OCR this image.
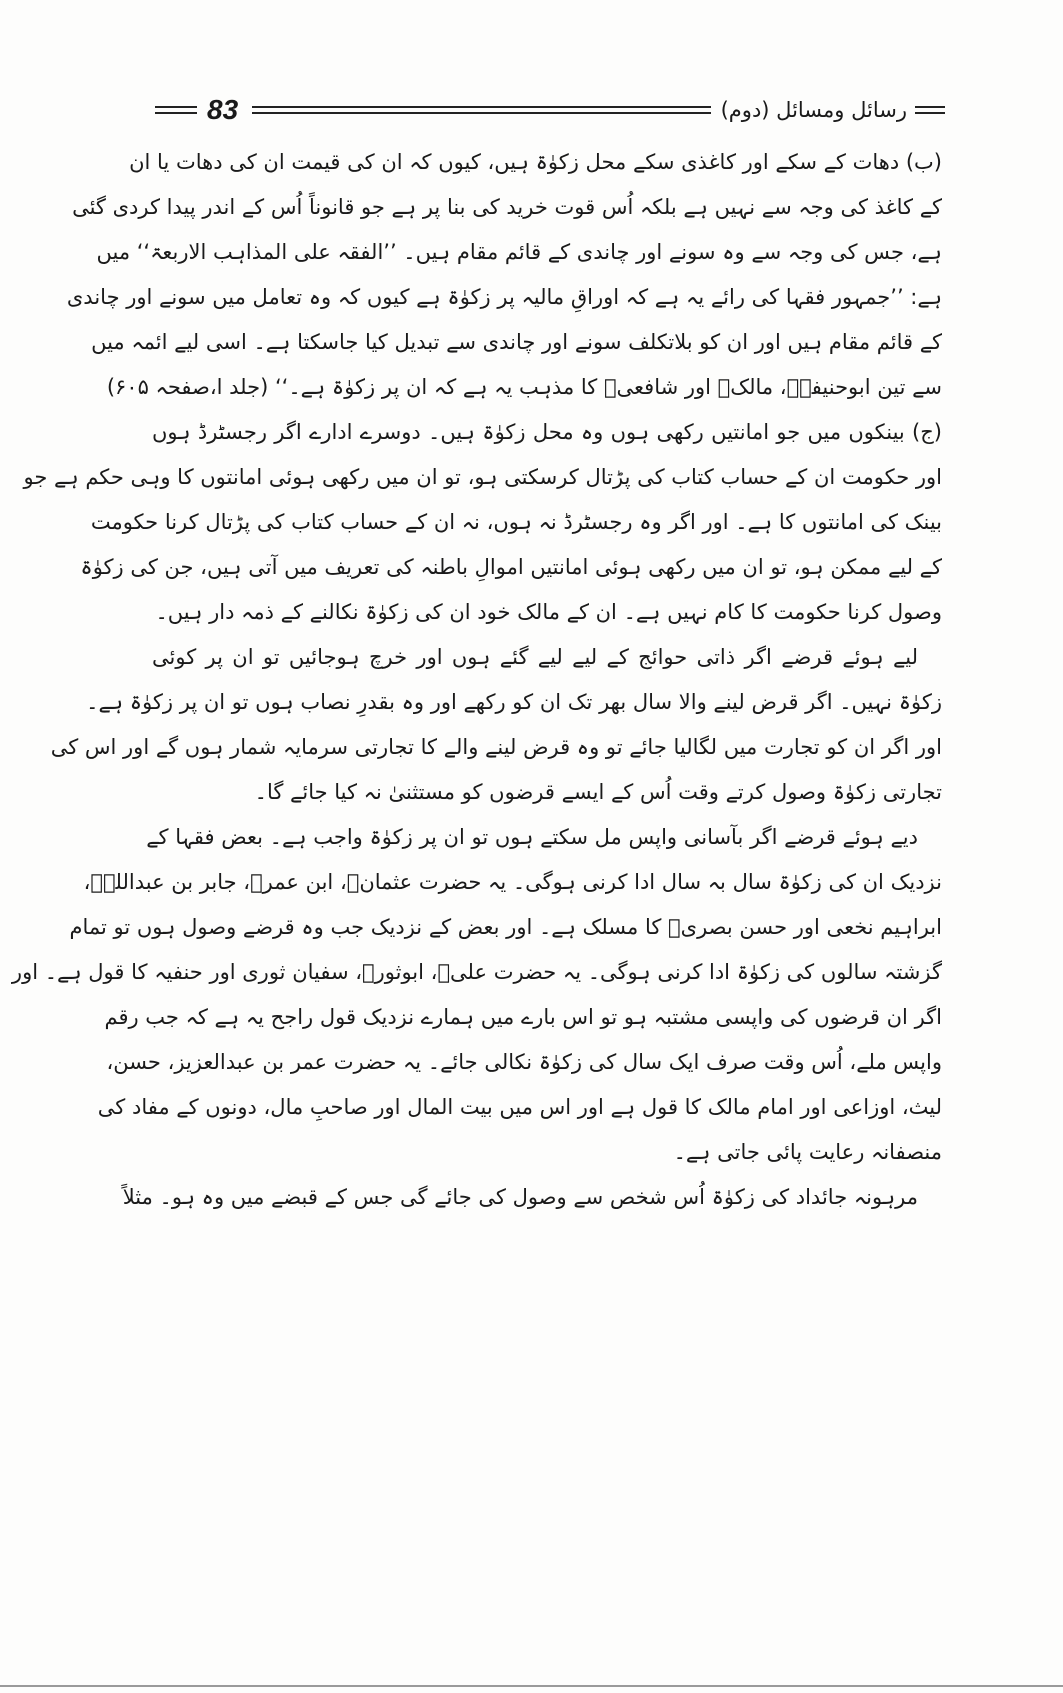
83	رسائل ومسائل (دوم)
(ب) دھات کے سکے اور کاغذی سکے محل زکوٰۃ ہیں، کیوں کہ ان کی قیمت ان کی دھات یا ان
کے کاغذ کی وجہ سے نہیں ہے بلکہ اُس قوت خرید کی بنا پر ہے جو قانوناً اُس کے اندر پیدا کردی گئی
ہے، جس کی وجہ سے وہ سونے اور چاندی کے قائم مقام ہیں۔ ’’الفقہ علی المذاہب الاربعۃ‘‘ میں
ہے: ’’جمہور فقہا کی رائے یہ ہے کہ اوراقِ مالیہ پر زکوٰۃ ہے کیوں کہ وہ تعامل میں سونے اور چاندی
کے قائم مقام ہیں اور ان کو بلاتکلف سونے اور چاندی سے تبدیل کیا جاسکتا ہے۔ اسی لیے ائمہ میں
سے تین ابوحنیفہؒ، مالکؒ اور شافعیؒ کا مذہب یہ ہے کہ ان پر زکوٰۃ ہے۔‘‘ (جلد ا،صفحہ ۶۰۵)
(ج) بینکوں میں جو امانتیں رکھی ہوں وہ محل زکوٰۃ ہیں۔ دوسرے ادارے اگر رجسٹرڈ ہوں
اور حکومت ان کے حساب کتاب کی پڑتال کرسکتی ہو، تو ان میں رکھی ہوئی امانتوں کا وہی حکم ہے جو
بینک کی امانتوں کا ہے۔ اور اگر وہ رجسٹرڈ نہ ہوں، نہ ان کے حساب کتاب کی پڑتال کرنا حکومت
کے لیے ممکن ہو، تو ان میں رکھی ہوئی امانتیں اموالِ باطنہ کی تعریف میں آتی ہیں، جن کی زکوٰۃ
وصول کرنا حکومت کا کام نہیں ہے۔ ان کے مالک خود ان کی زکوٰۃ نکالنے کے ذمہ دار ہیں۔
لیے ہوئے قرضے اگر ذاتی حوائج کے لیے لیے گئے ہوں اور خرچ ہوجائیں تو ان پر کوئی
زکوٰۃ نہیں۔ اگر قرض لینے والا سال بھر تک ان کو رکھے اور وہ بقدرِ نصاب ہوں تو ان پر زکوٰۃ ہے۔
اور اگر ان کو تجارت میں لگالیا جائے تو وہ قرض لینے والے کا تجارتی سرمایہ شمار ہوں گے اور اس کی
تجارتی زکوٰۃ وصول کرتے وقت اُس کے ایسے قرضوں کو مستثنیٰ نہ کیا جائے گا۔
دیے ہوئے قرضے اگر بآسانی واپس مل سکتے ہوں تو ان پر زکوٰۃ واجب ہے۔ بعض فقہا کے
نزدیک ان کی زکوٰۃ سال بہ سال ادا کرنی ہوگی۔ یہ حضرت عثمانؓ، ابن عمرؓ، جابر بن عبداللہؓ،
ابراہیم نخعی اور حسن بصریؒ کا مسلک ہے۔ اور بعض کے نزدیک جب وہ قرضے وصول ہوں تو تمام
گزشتہ سالوں کی زکوٰۃ ادا کرنی ہوگی۔ یہ حضرت علیؓ، ابوثورؒ، سفیان ثوری اور حنفیہ کا قول ہے۔ اور
اگر ان قرضوں کی واپسی مشتبہ ہو تو اس بارے میں ہمارے نزدیک قول راجح یہ ہے کہ جب رقم
واپس ملے، اُس وقت صرف ایک سال کی زکوٰۃ نکالی جائے۔ یہ حضرت عمر بن عبدالعزیز، حسن،
لیث، اوزاعی اور امام مالک کا قول ہے اور اس میں بیت المال اور صاحبِ مال، دونوں کے مفاد کی
منصفانہ رعایت پائی جاتی ہے۔
مرہونہ جائداد کی زکوٰۃ اُس شخص سے وصول کی جائے گی جس کے قبضے میں وہ ہو۔ مثلاً
